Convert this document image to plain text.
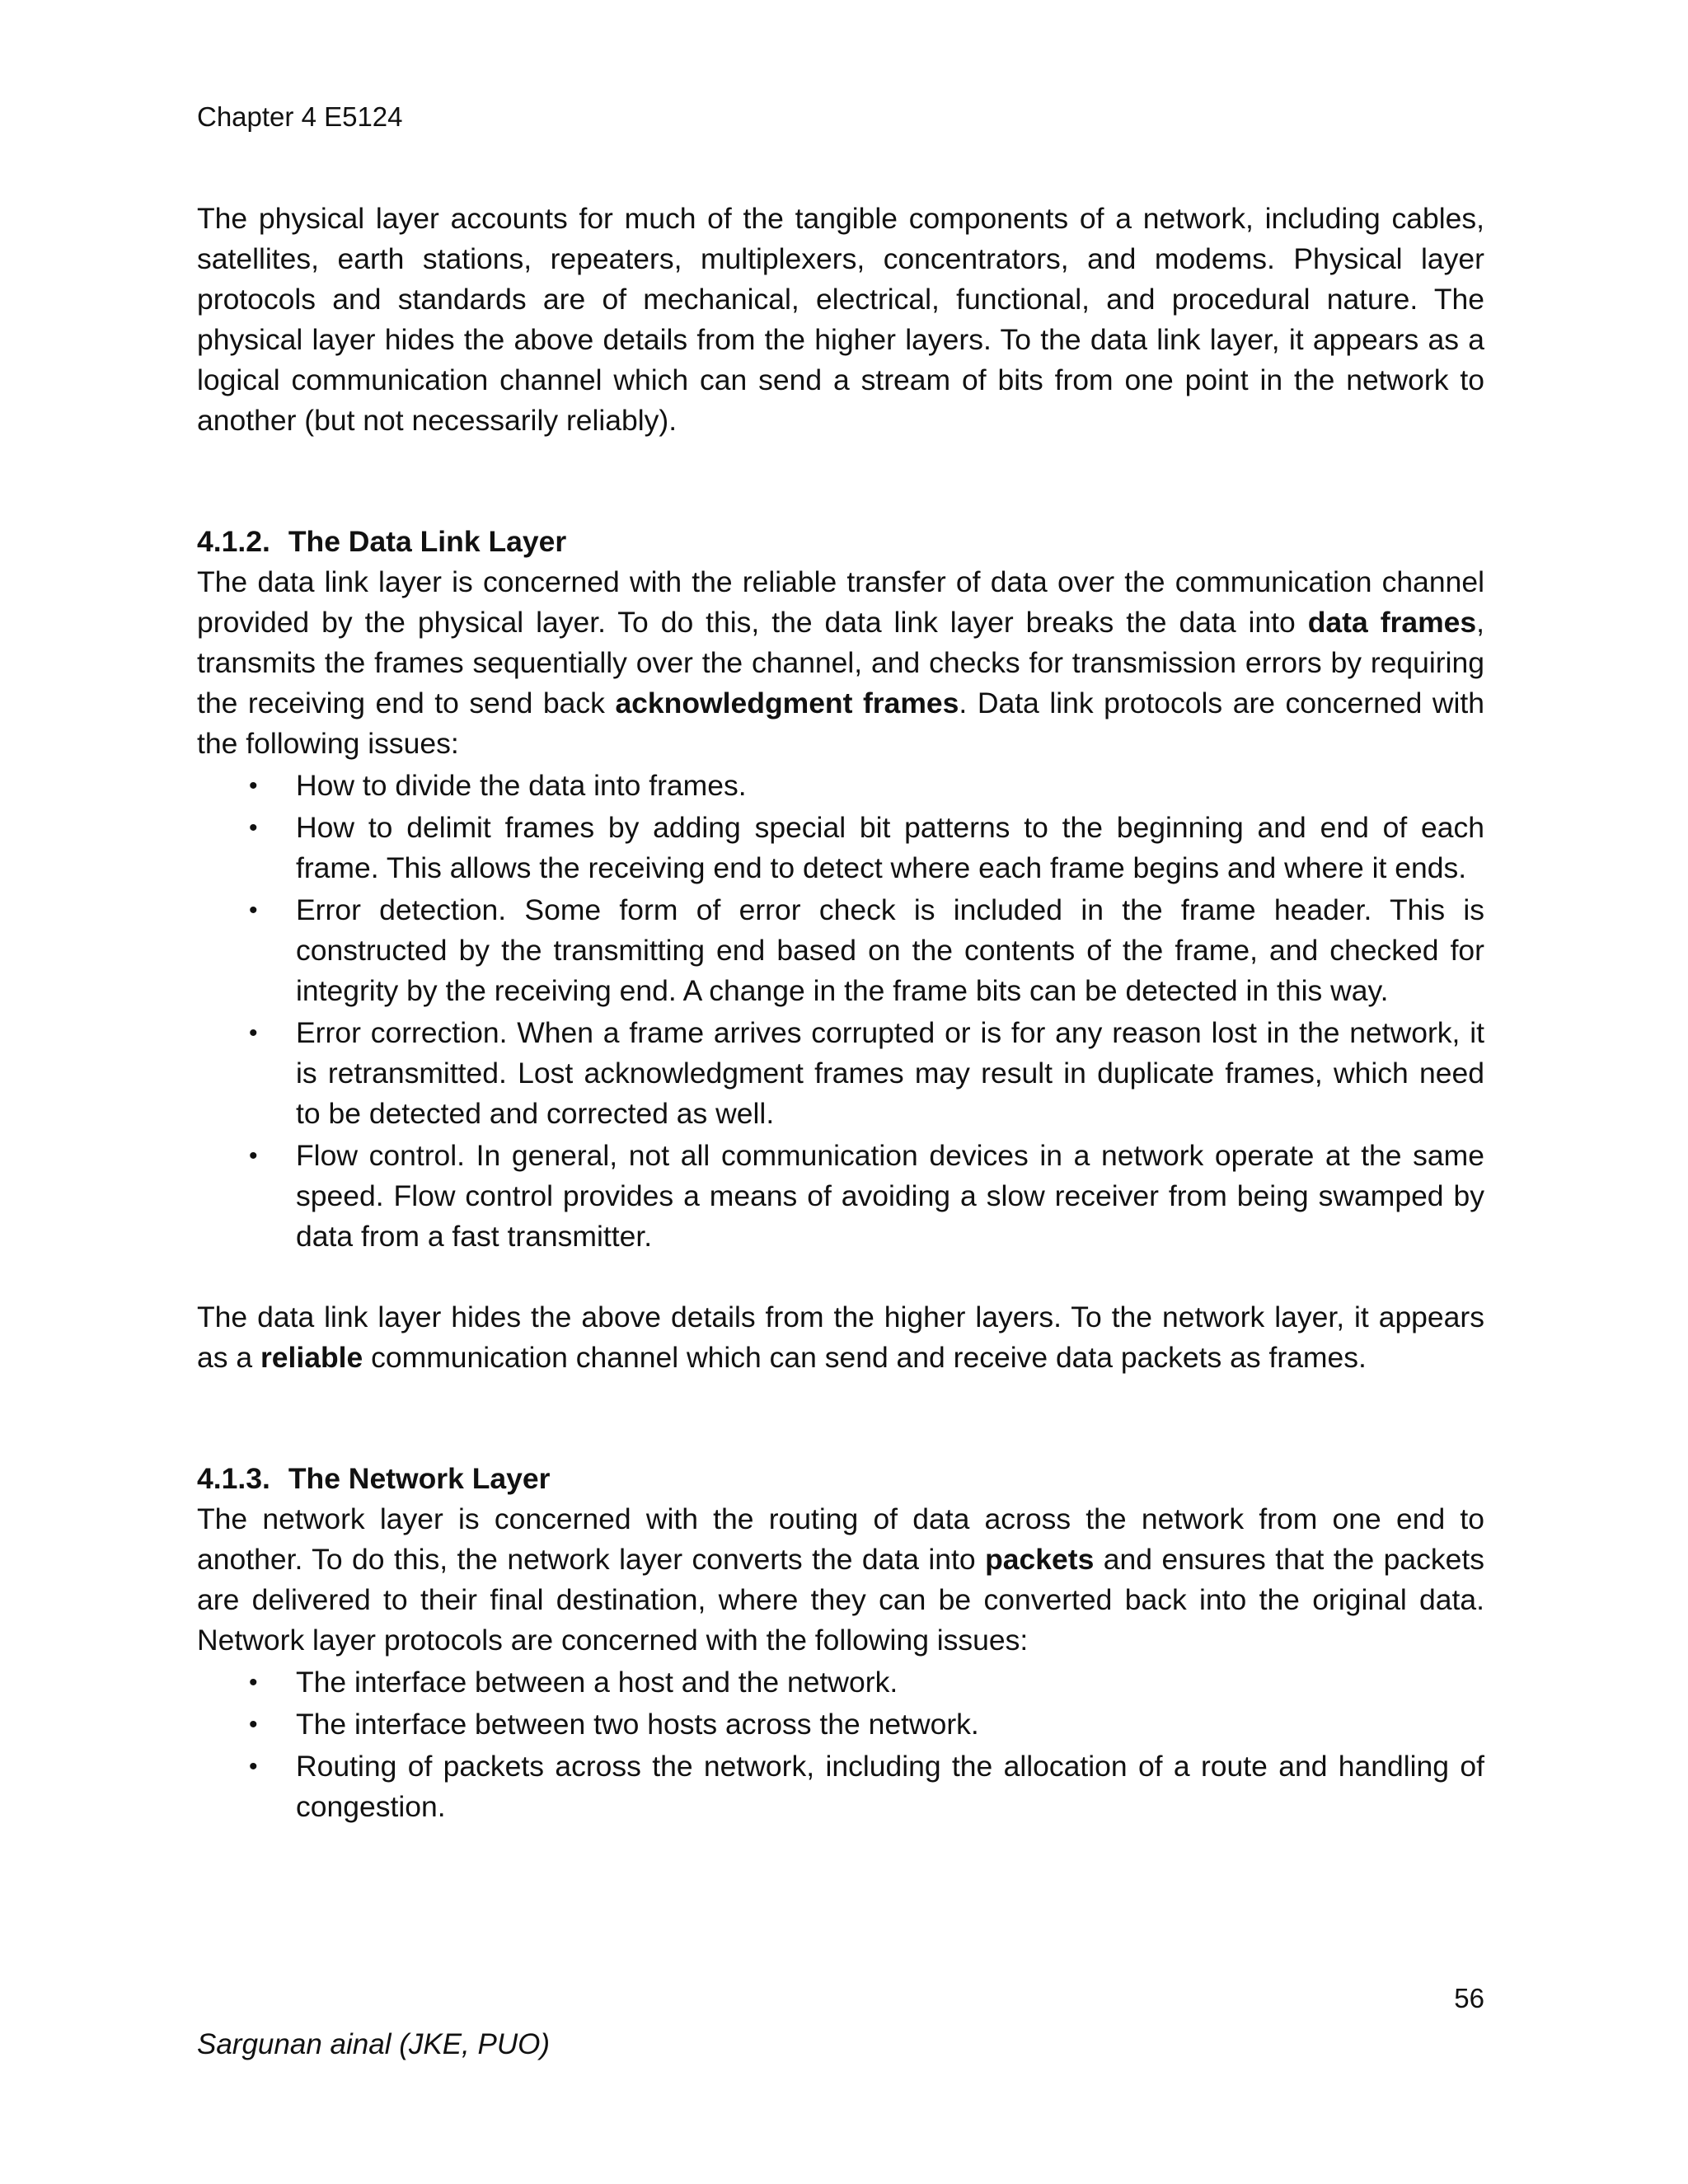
Chapter 4 E5124

The physical layer accounts for much of the tangible components of a network, including cables, satellites, earth stations, repeaters, multiplexers, concentrators, and modems. Physical layer protocols and standards are of mechanical, electrical, functional, and procedural nature. The physical layer hides the above details from the higher layers. To the data link layer, it appears as a logical communication channel which can send a stream of bits from one point in the network to another (but not necessarily reliably).

4.1.2. The Data Link Layer

The data link layer is concerned with the reliable transfer of data over the communication channel provided by the physical layer. To do this, the data link layer breaks the data into data frames, transmits the frames sequentially over the channel, and checks for transmission errors by requiring the receiving end to send back acknowledgment frames. Data link protocols are concerned with the following issues:

• How to divide the data into frames.
• How to delimit frames by adding special bit patterns to the beginning and end of each frame. This allows the receiving end to detect where each frame begins and where it ends.
• Error detection. Some form of error check is included in the frame header. This is constructed by the transmitting end based on the contents of the frame, and checked for integrity by the receiving end. A change in the frame bits can be detected in this way.
• Error correction. When a frame arrives corrupted or is for any reason lost in the network, it is retransmitted. Lost acknowledgment frames may result in duplicate frames, which need to be detected and corrected as well.
• Flow control. In general, not all communication devices in a network operate at the same speed. Flow control provides a means of avoiding a slow receiver from being swamped by data from a fast transmitter.

The data link layer hides the above details from the higher layers. To the network layer, it appears as a reliable communication channel which can send and receive data packets as frames.

4.1.3. The Network Layer

The network layer is concerned with the routing of data across the network from one end to another. To do this, the network layer converts the data into packets and ensures that the packets are delivered to their final destination, where they can be converted back into the original data. Network layer protocols are concerned with the following issues:

• The interface between a host and the network.
• The interface between two hosts across the network.
• Routing of packets across the network, including the allocation of a route and handling of congestion.
56
Sargunan ainal (JKE, PUO)
